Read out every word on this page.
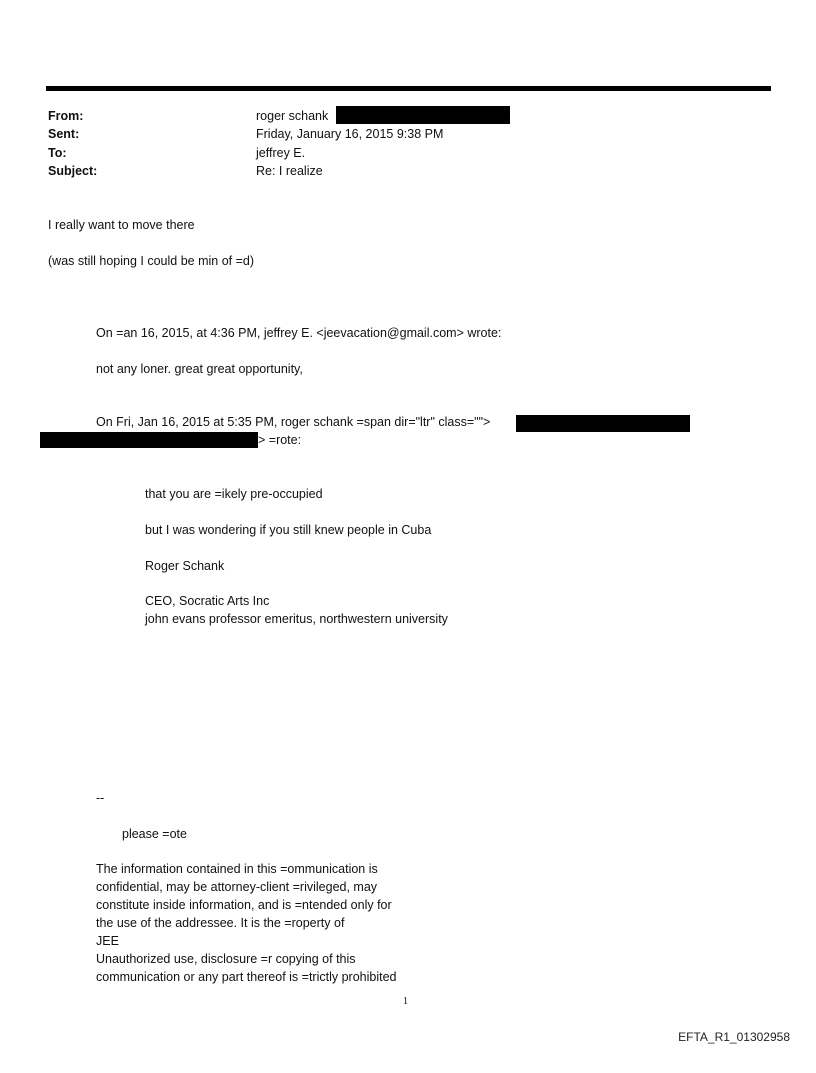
From:	roger schank
Sent:	Friday, January 16, 2015 9:38 PM
To:	jeffrey E.
Subject:	Re: I realize
I really want to move there
(was still hoping I could be min of =d)
On =an 16, 2015, at 4:36 PM, jeffrey E. <jeevacation@gmail.com> wrote:
not any loner. great great opportunity,
On Fri, Jan 16, 2015 at 5:35 PM, roger schank =span dir="ltr" class="">
> =rote:
that you are =ikely pre-occupied
but I was wondering if you still knew people in Cuba
Roger Schank
CEO, Socratic Arts Inc
john evans professor emeritus, northwestern university
--
please =ote
The information contained in this =ommunication is
confidential, may be attorney-client =rivileged, may
constitute inside information, and is =ntended only for
the use of the addressee. It is the =roperty of
JEE
Unauthorized use, disclosure =r copying of this
communication or any part thereof is =trictly prohibited
1
EFTA_R1_01302958
